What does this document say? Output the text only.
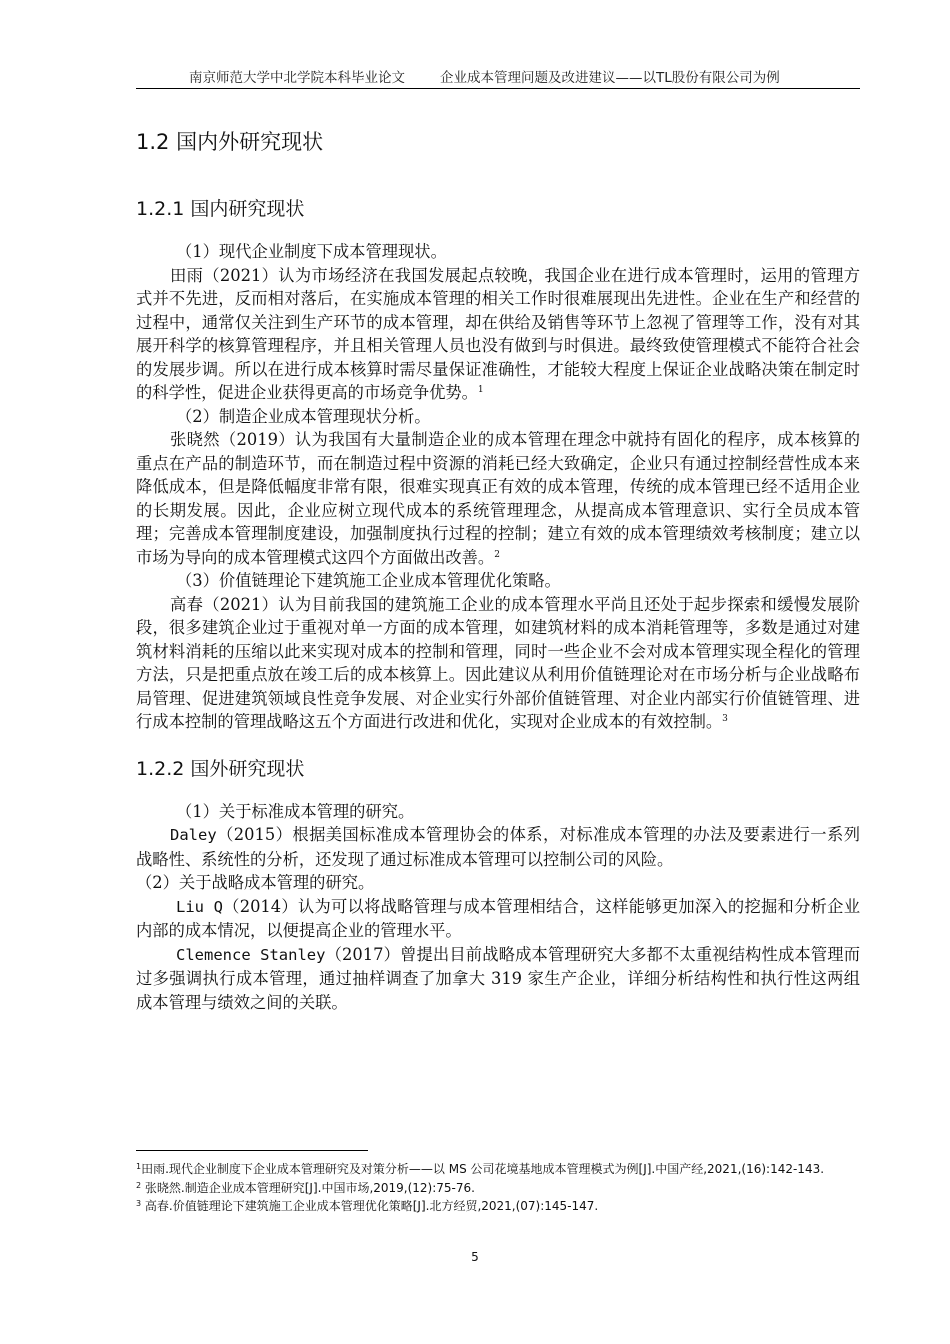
南京师范大学中北学院本科毕业论文	企业成本管理问题及改进建议——以TL股份有限公司为例
1.2 国内外研究现状
1.2.1 国内研究现状

（1）现代企业制度下成本管理现状。

田雨（2021）认为市场经济在我国发展起点较晚，我国企业在进行成本管理时，运用的管理方式并不先进，反而相对落后，在实施成本管理的相关工作时很难展现出先进性。企业在生产和经营的过程中，通常仅关注到生产环节的成本管理，却在供给及销售等环节上忽视了管理等工作，没有对其展开科学的核算管理程序，并且相关管理人员也没有做到与时俱进。最终致使管理模式不能符合社会的发展步调。所以在进行成本核算时需尽量保证准确性，才能较大程度上保证企业战略决策在制定时的科学性，促进企业获得更高的市场竞争优势。$^1$

（2）制造企业成本管理现状分析。

张晓然（2019）认为我国有大量制造企业的成本管理在理念中就持有固化的程序，成本核算的重点在产品的制造环节，而在制造过程中资源的消耗已经大致确定，企业只有通过控制经营性成本来降低成本，但是降低幅度非常有限，很难实现真正有效的成本管理，传统的成本管理已经不适用企业的长期发展。因此，企业应树立现代成本的系统管理理念，从提高成本管理意识、实行全员成本管理；完善成本管理制度建设，加强制度执行过程的控制；建立有效的成本管理绩效考核制度；建立以市场为导向的成本管理模式这四个方面做出改善。$^2$

（3）价值链理论下建筑施工企业成本管理优化策略。

高春（2021）认为目前我国的建筑施工企业的成本管理水平尚且还处于起步探索和缓慢发展阶段，很多建筑企业过于重视对单一方面的成本管理，如建筑材料的成本消耗管理等，多数是通过对建筑材料消耗的压缩以此来实现对成本的控制和管理，同时一些企业不会对成本管理实现全程化的管理方法，只是把重点放在竣工后的成本核算上。因此建议从利用价值链理论对在市场分析与企业战略布局管理、促进建筑领域良性竞争发展、对企业实行外部价值链管理、对企业内部实行价值链管理、进行成本控制的管理战略这五个方面进行改进和优化，实现对企业成本的有效控制。$^3$

1.2.2 国外研究现状

（1）关于标准成本管理的研究。

Daley（2015）根据美国标准成本管理协会的体系，对标准成本管理的办法及要素进行一系列战略性、系统性的分析，还发现了通过标准成本管理可以控制公司的风险。

（2）关于战略成本管理的研究。

Liu Q（2014）认为可以将战略管理与成本管理相结合，这样能够更加深入的挖掘和分析企业内部的成本情况，以便提高企业的管理水平。

Clemence Stanley（2017）曾提出目前战略成本管理研究大多都不太重视结构性成本管理而过多强调执行成本管理，通过抽样调查了加拿大 319 家生产企业，详细分析结构性和执行性这两组成本管理与绩效之间的关联。

$^1$田雨.现代企业制度下企业成本管理研究及对策分析——以 MS 公司花境基地成本管理模式为例[J].中国产经,2021,(16):142-143.
$^2$ 张晓然.制造企业成本管理研究[J].中国市场,2019,(12):75-76.
$^3$ 高春.价值链理论下建筑施工企业成本管理优化策略[J].北方经贸,2021,(07):145-147.
5
